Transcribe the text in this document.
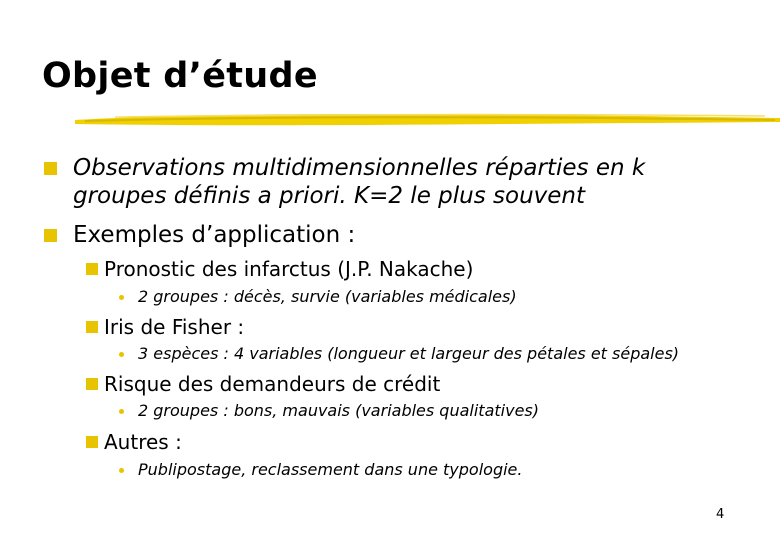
Objet d’étude
Observations multidimensionnelles réparties en k
groupes définis a priori. K=2 le plus souvent
Exemples d’application :
Pronostic des infarctus (J.P. Nakache)
2 groupes : décès, survie (variables médicales)
Iris de Fisher :
3 espèces : 4 variables (longueur et largeur des pétales et sépales)
Risque des demandeurs de crédit
2 groupes : bons, mauvais (variables qualitatives)
Autres :
Publipostage, reclassement dans une typologie.
4
